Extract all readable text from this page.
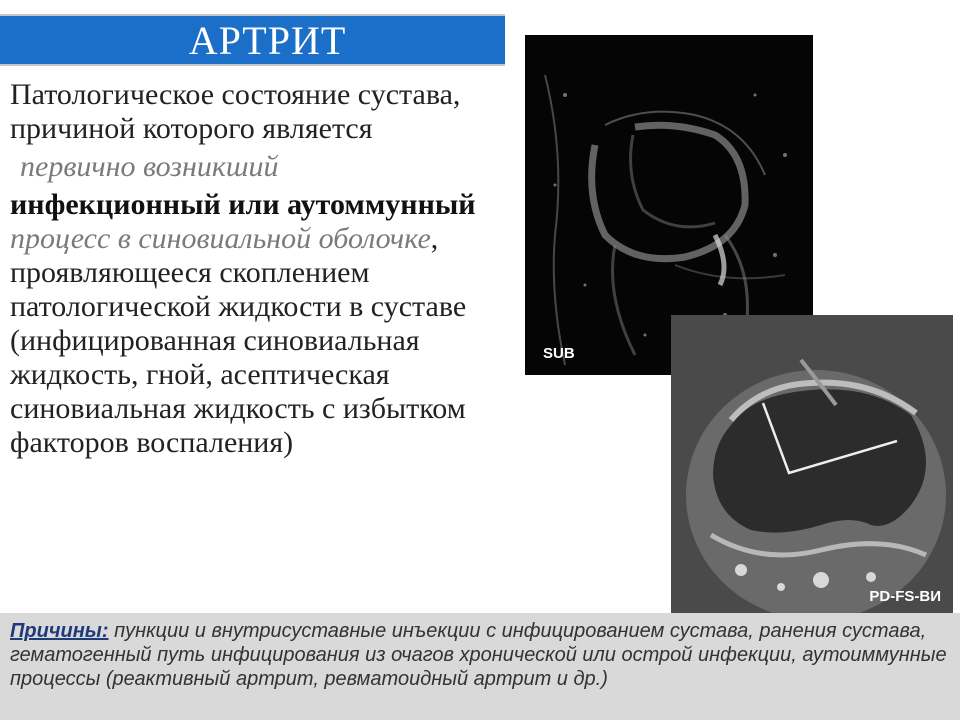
АРТРИТ

Патологическое состояние сустава, причиной которого является

первично возникший

инфекционный или аутоммунный процесс в синовиальной оболочке, проявляющееся скоплением патологической жидкости в суставе (инфицированная синовиальная жидкость, гной, асептическая синовиальная жидкость с избытком факторов воспаления)

SUB
PD-FS-ВИ
Причины: пункции и внутрисуставные инъекции с инфицированием сустава, ранения сустава, гематогенный путь инфицирования из очагов хронической или острой инфекции, аутоиммунные процессы (реактивный артрит, ревматоидный артрит и др.)
